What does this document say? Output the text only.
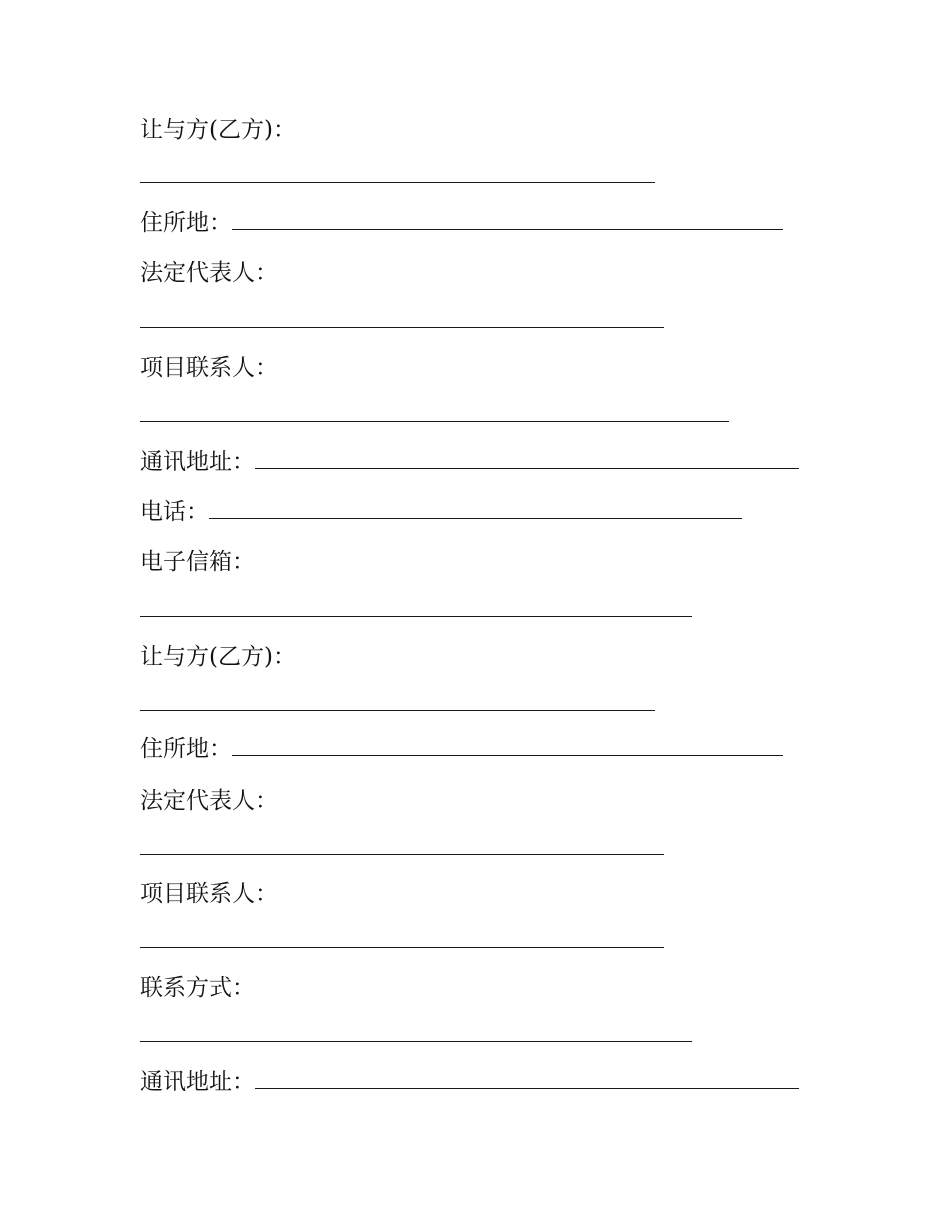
让与方(乙方)：
住所地：
法定代表人：
项目联系人：
通讯地址：
电话：
电子信箱：
让与方(乙方)：
住所地：
法定代表人：
项目联系人：
联系方式：
通讯地址：
